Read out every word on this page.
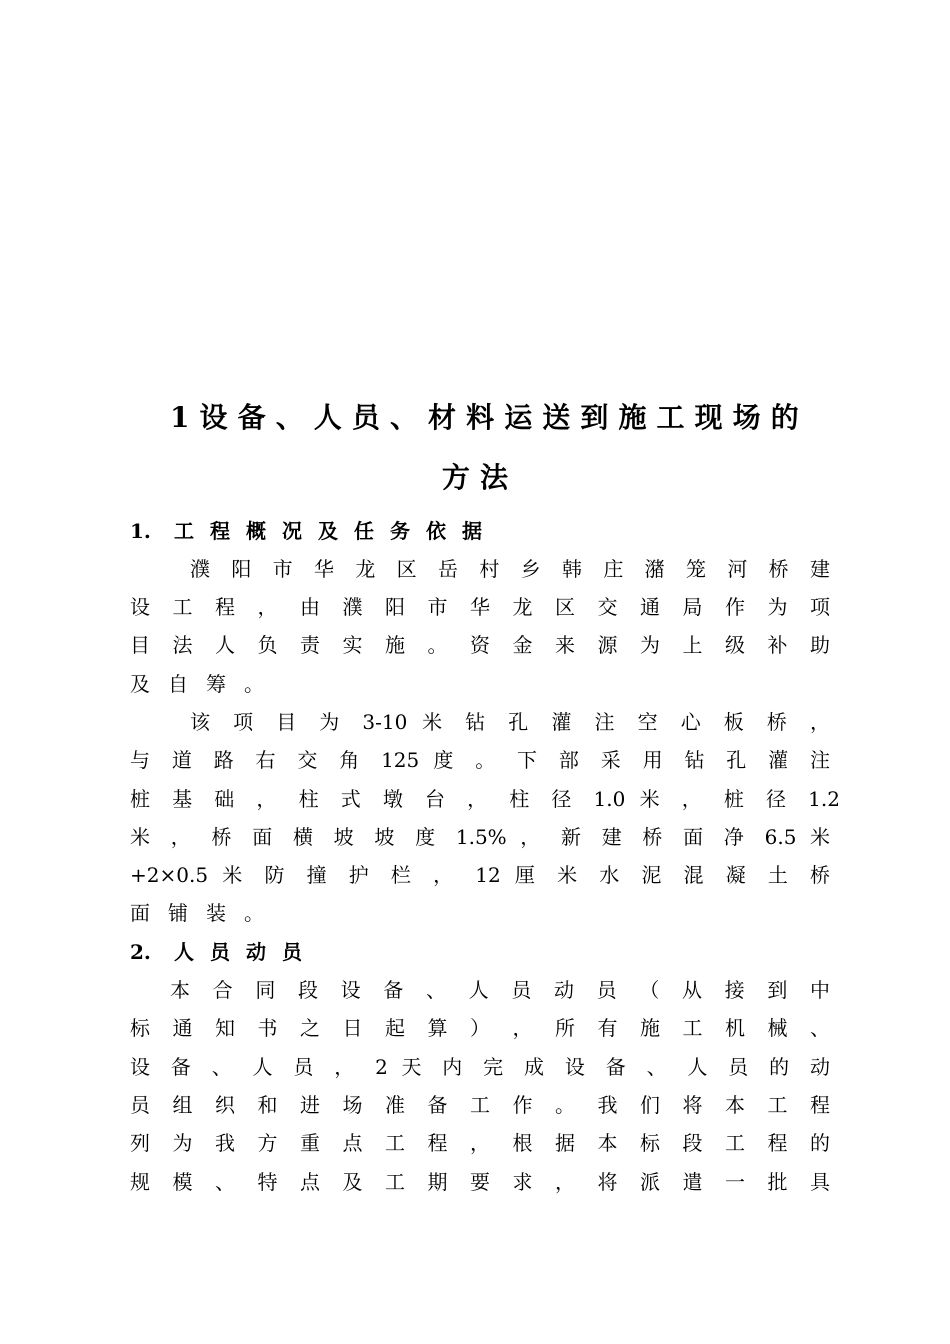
1设备、人员、材料运送到施工现场的
方法
1. 工程概况及任务依据
濮 阳 市 华 龙 区 岳 村 乡 韩 庄 潴 笼 河 桥 建
设 工 程 ， 由 濮 阳 市 华 龙 区 交 通 局 作 为 项
目 法 人 负 责 实 施 。 资 金 来 源 为 上 级 补 助
及自筹。
该 项 目 为 3-10 米 钻 孔 灌 注 空 心 板 桥 ，
与 道 路 右 交 角 125 度 。 下 部 采 用 钻 孔 灌 注
桩 基 础 ， 柱 式 墩 台 ， 柱 径 1.0 米 ， 桩 径 1.2
米 ， 桥 面 横 坡 坡 度 1.5% ， 新 建 桥 面 净 6.5 米
+2×0.5 米 防 撞 护 栏 ， 12 厘 米 水 泥 混 凝 土 桥
面铺装。
2. 人员动员
本 合 同 段 设 备 、 人 员 动 员 （ 从 接 到 中
标 通 知 书 之 日 起 算 ） ， 所 有 施 工 机 械 、
设 备 、 人 员 ， 2 天 内 完 成 设 备 、 人 员 的 动
员 组 织 和 进 场 准 备 工 作 。 我 们 将 本 工 程
列 为 我 方 重 点 工 程 ， 根 据 本 标 段 工 程 的
规 模 、 特 点 及 工 期 要 求 ， 将 派 遣 一 批 具
